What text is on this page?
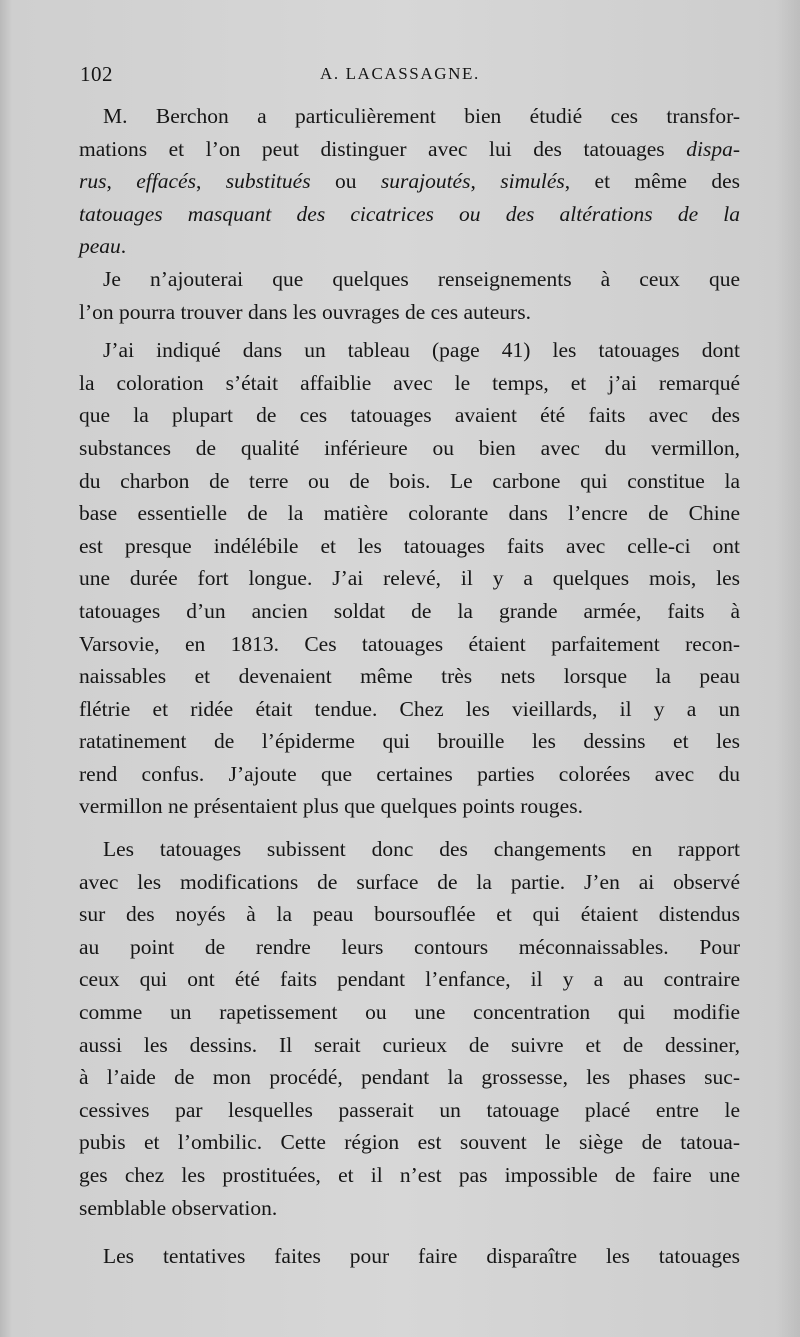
102	A. LACASSAGNE.

M. Berchon a particulièrement bien étudié ces transfor-
mations et l’on peut distinguer avec lui des tatouages dispa-
rus, effacés, substitués ou surajoutés, simulés, et même des
tatouages masquant des cicatrices ou des altérations de la
peau.

Je n’ajouterai que quelques renseignements à ceux que
l’on pourra trouver dans les ouvrages de ces auteurs.

J’ai indiqué dans un tableau (page 41) les tatouages dont
la coloration s’était affaiblie avec le temps, et j’ai remarqué
que la plupart de ces tatouages avaient été faits avec des
substances de qualité inférieure ou bien avec du vermillon,
du charbon de terre ou de bois. Le carbone qui constitue la
base essentielle de la matière colorante dans l’encre de Chine
est presque indélébile et les tatouages faits avec celle-ci ont
une durée fort longue. J’ai relevé, il y a quelques mois, les
tatouages d’un ancien soldat de la grande armée, faits à
Varsovie, en 1813. Ces tatouages étaient parfaitement recon-
naissables et devenaient même très nets lorsque la peau
flétrie et ridée était tendue. Chez les vieillards, il y a un
ratatinement de l’épiderme qui brouille les dessins et les
rend confus. J’ajoute que certaines parties colorées avec du
vermillon ne présentaient plus que quelques points rouges.

Les tatouages subissent donc des changements en rapport
avec les modifications de surface de la partie. J’en ai observé
sur des noyés à la peau boursouflée et qui étaient distendus
au point de rendre leurs contours méconnaissables. Pour
ceux qui ont été faits pendant l’enfance, il y a au contraire
comme un rapetissement ou une concentration qui modifie
aussi les dessins. Il serait curieux de suivre et de dessiner,
à l’aide de mon procédé, pendant la grossesse, les phases suc-
cessives par lesquelles passerait un tatouage placé entre le
pubis et l’ombilic. Cette région est souvent le siège de tatoua-
ges chez les prostituées, et il n’est pas impossible de faire une
semblable observation.

Les tentatives faites pour faire disparaître les tatouages
